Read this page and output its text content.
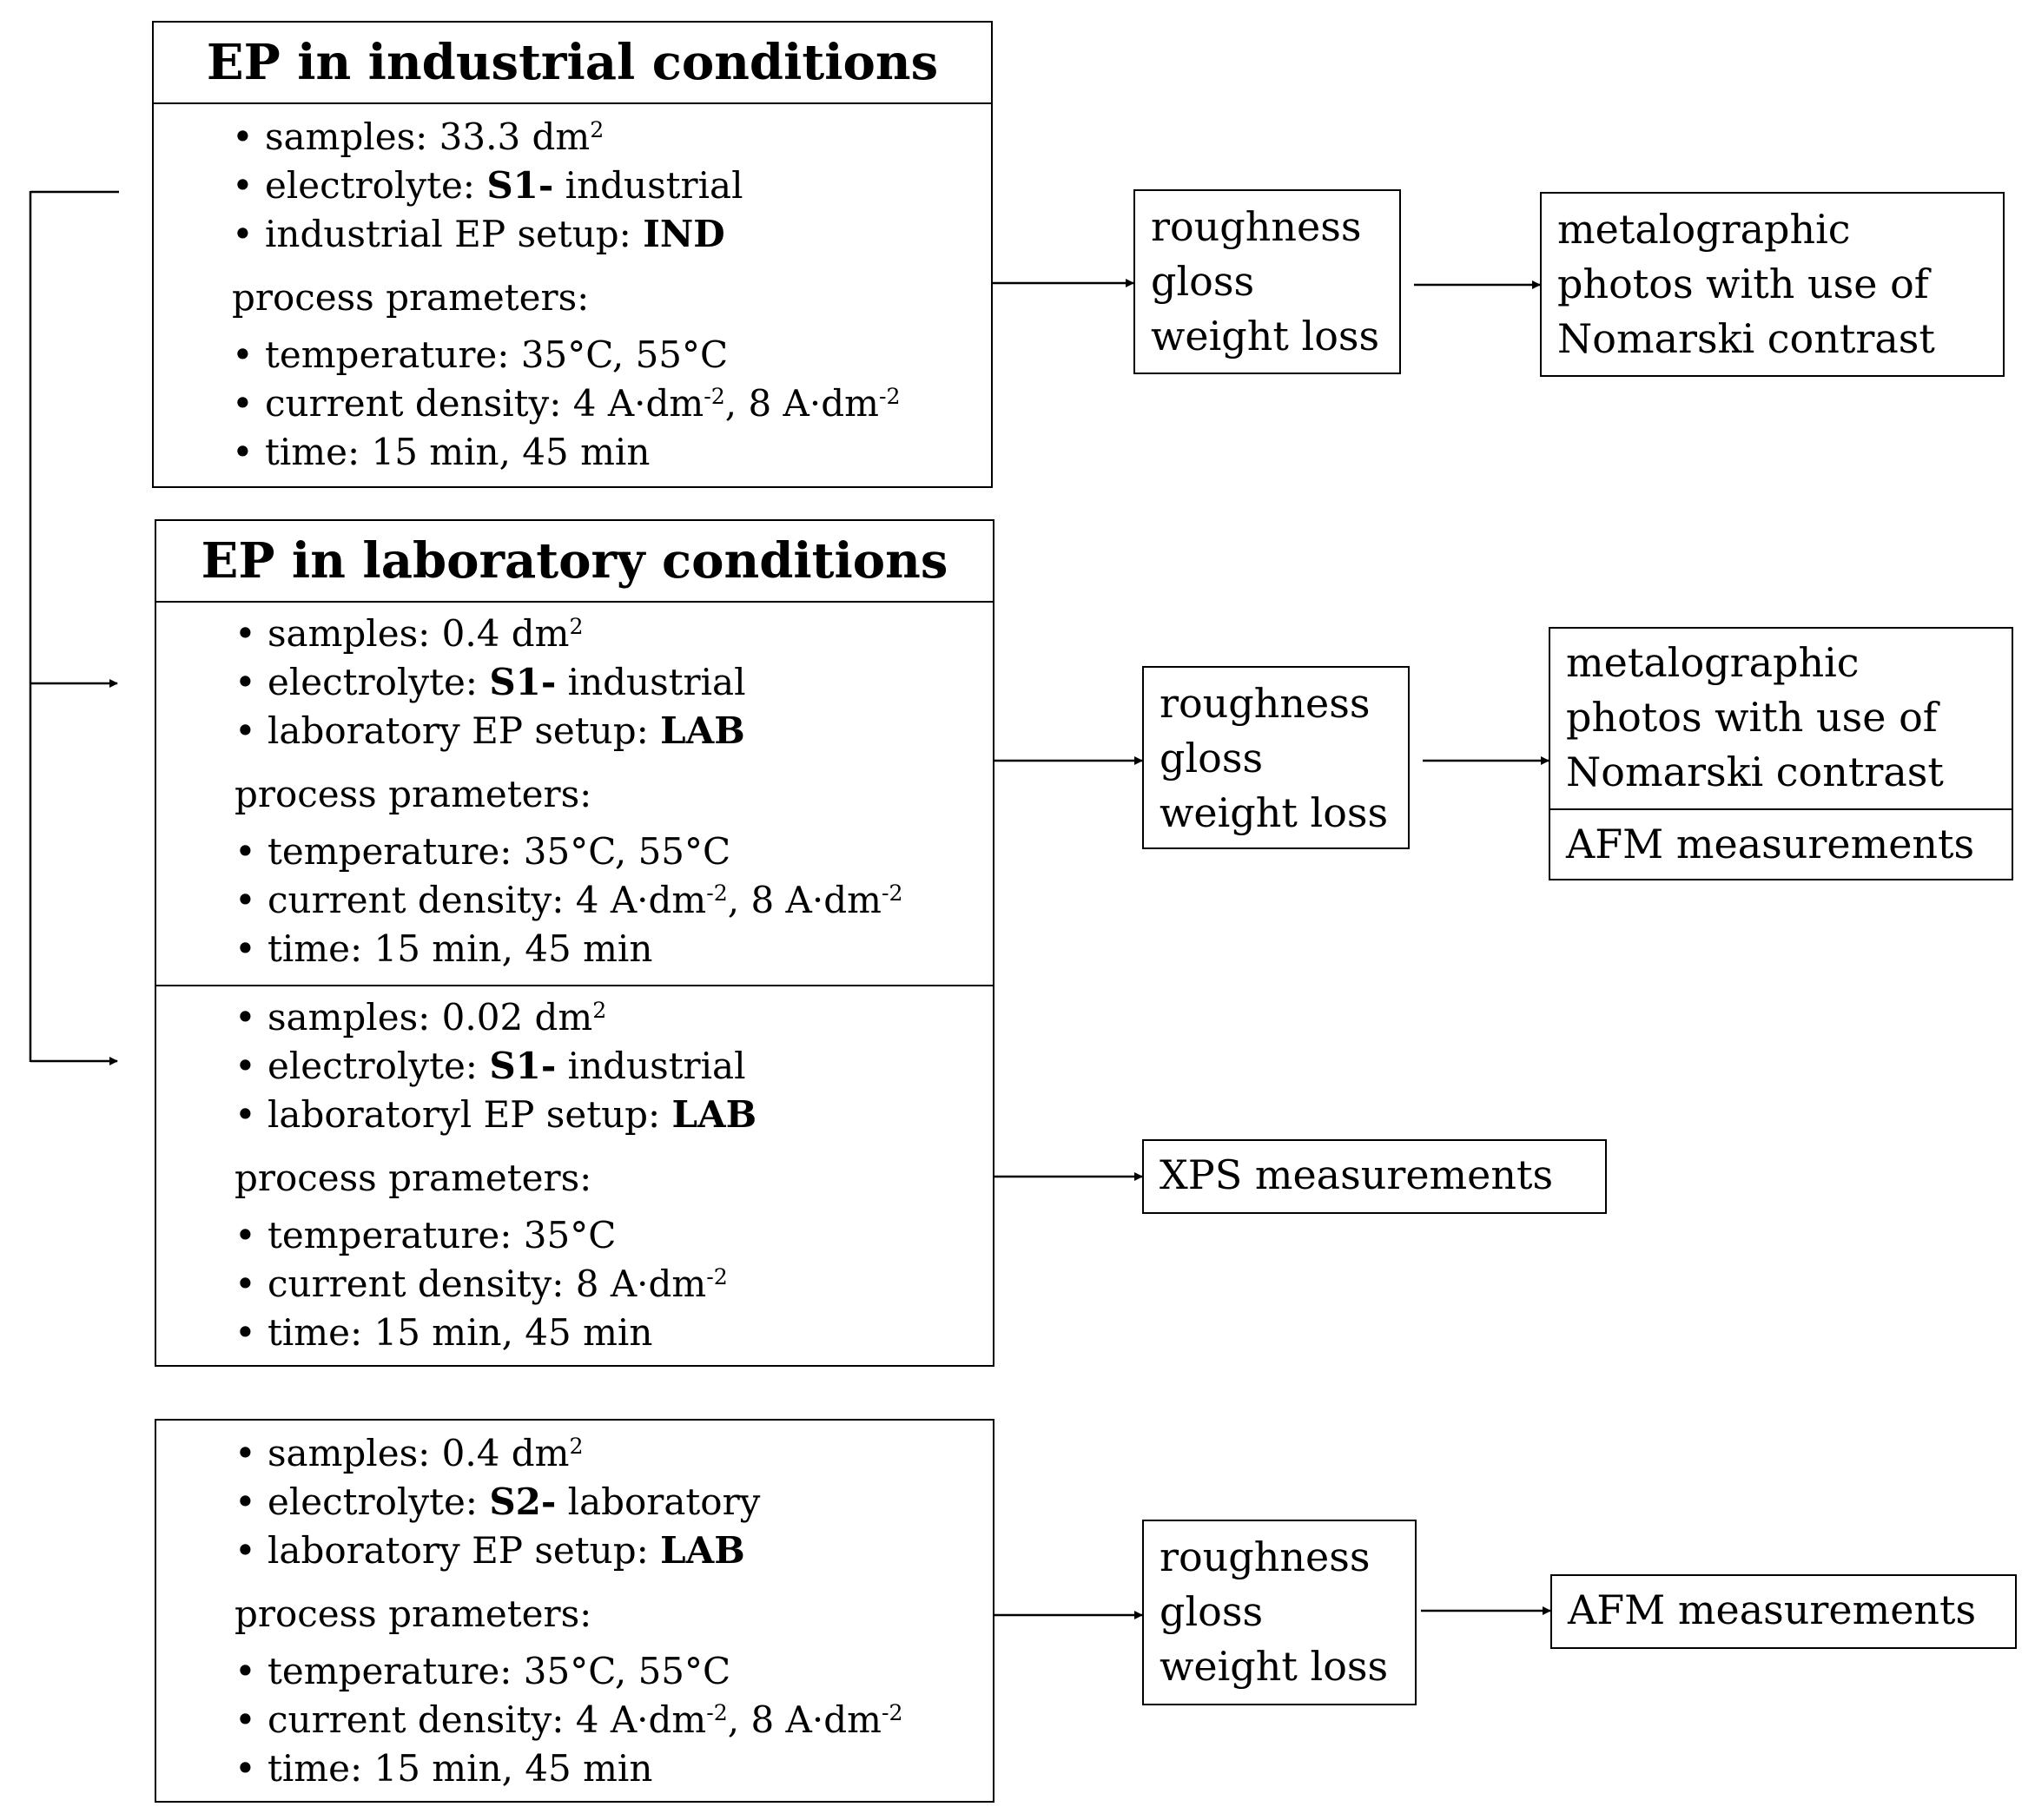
EP in industrial conditions
• samples: 33.3 $dm^2$
• electrolyte: S1- industrial
• industrial EP setup: IND
process prameters:
• temperature: 35°C, 55°C
• current density: 4 $A\cdot dm^{-2}$, 8 $A\cdot dm^{-2}$
• time: 15 min, 45 min
EP in laboratory conditions
• samples: 0.4 $dm^2$
• electrolyte: S1- industrial
• laboratory EP setup: LAB
process prameters:
• temperature: 35°C, 55°C
• current density: 4 $A\cdot dm^{-2}$, 8 $A\cdot dm^{-2}$
• time: 15 min, 45 min
• samples: 0.02 $dm^2$
• electrolyte: S1- industrial
• laboratoryl EP setup: LAB
process prameters:
• temperature: 35°C
• current density: 8 $A\cdot dm^{-2}$
• time: 15 min, 45 min
• samples: 0.4 $dm^2$
• electrolyte: S2- laboratory
• laboratory EP setup: LAB
process prameters:
• temperature: 35°C, 55°C
• current density: 4 $A\cdot dm^{-2}$, 8 $A\cdot dm^{-2}$
• time: 15 min, 45 min
roughness
gloss
weight loss
roughness
gloss
weight loss
roughness
gloss
weight loss
metalographic
photos with use of
Nomarski contrast
metalographic
photos with use of
Nomarski contrast
AFM measurements
XPS measurements
AFM measurements
